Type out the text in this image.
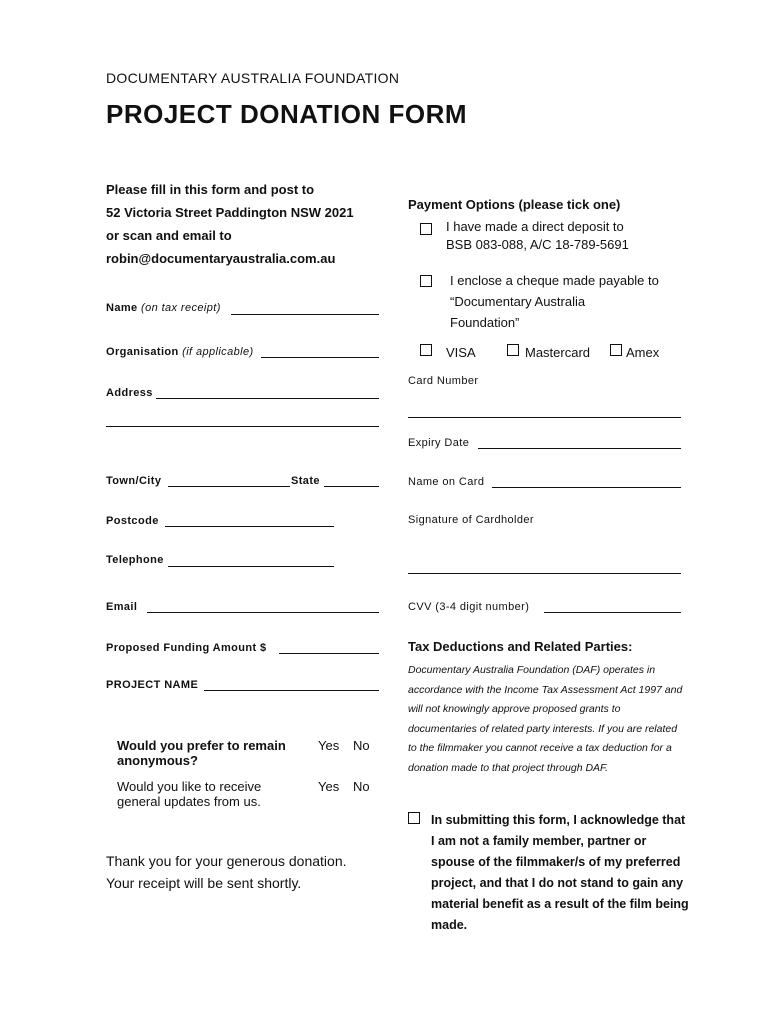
DOCUMENTARY AUSTRALIA FOUNDATION
PROJECT DONATION FORM
Please fill in this form and post to
52 Victoria Street Paddington NSW 2021
or scan and email to
robin@documentaryaustralia.com.au
Name (on tax receipt)
Organisation (if applicable)
Address
Town/City	State
Postcode
Telephone
Email
Proposed Funding Amount $
PROJECT NAME
Would you prefer to remain anonymous?
Yes No
Would you like to receive general updates from us.
Yes No
Thank you for your generous donation.
Your receipt will be sent shortly.
Payment Options (please tick one)
I have made a direct deposit to
BSB 083-088, A/C 18-789-5691
I enclose a cheque made payable to
“Documentary Australia
Foundation”
VISA	Mastercard	Amex
Card Number
Expiry Date
Name on Card
Signature of Cardholder
CVV (3-4 digit number)
Tax Deductions and Related Parties:
Documentary Australia Foundation (DAF) operates in accordance with the Income Tax Assessment Act 1997 and will not knowingly approve proposed grants to documentaries of related party interests. If you are related to the filmmaker you cannot receive a tax deduction for a donation made to that project through DAF.
In submitting this form, I acknowledge that I am not a family member, partner or spouse of the filmmaker/s of my preferred project, and that I do not stand to gain any material benefit as a result of the film being made.
